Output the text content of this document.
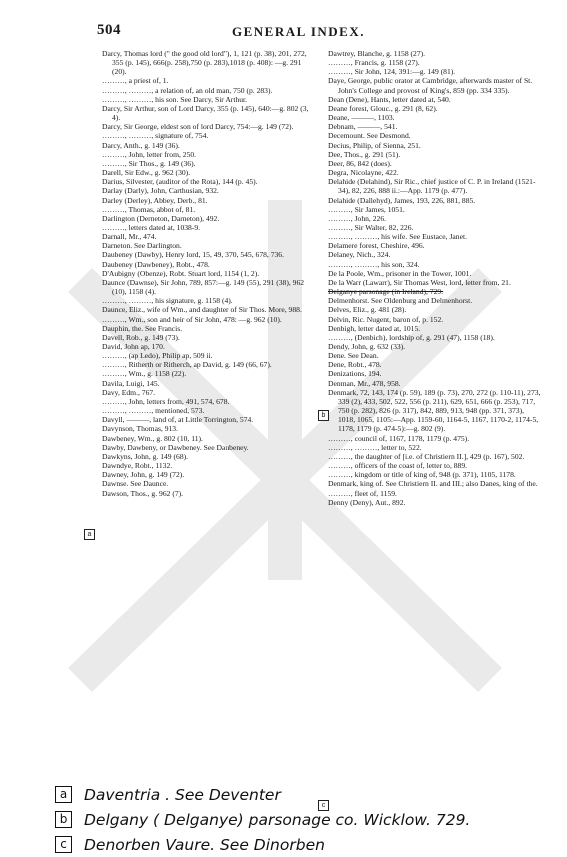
504	GENERAL INDEX.

Darcy, Thomas lord (" the good old lord"), 1, 121 (p. 38), 201, 272, 355 (p. 145), 666(p. 258),750 (p. 283),1018 (p. 408): —g. 291 (20).

………, a priest of, 1.

………, ………, a relation of, an old man, 750 (p. 283).

………, ………, his son. See Darcy, Sir Arthur.

Darcy, Sir Arthur, son of Lord Darcy, 355 (p. 145), 640:—g. 802 (3, 4).

Darcy, Sir George, eldest son of lord Darcy, 754:—g. 149 (72).

………, ………, signature of, 754.

Darcy, Anth., g. 149 (36).

………, John, letter from, 250.

………, Sir Thos., g. 149 (36).

Darell, Sir Edw., g. 962 (30).

Darius, Silvester, (auditor of the Rota), 144 (p. 45).

Darlay (Darly), John, Carthusian, 932.

Darley (Derley), Abbey, Derb., 81.

………, Thomas, abbot of, 81.

Darlington (Derneton, Darneton), 492.

………, letters dated at, 1038-9.

Darnall, Mr., 474.

Darneton. See Darlington.

Daubeney (Dawby), Henry lord, 15, 49, 370, 545, 678, 736.

Daubeney (Dawbeney), Robt., 478.

D'Aubigny (Obenze), Robt. Stuart lord, 1154 (1, 2).

Daunce (Dawnse), Sir John, 789, 857:—g. 149 (55), 291 (38), 962 (10), 1158 (4).

………, ………, his signature, g. 1158 (4).

Daunce, Eliz., wife of Wm., and daughter of Sir Thos. More, 988.

………, Wm., son and heir of Sir John, 478: —g. 962 (10).

Dauphin, the. See Francis.

Davell, Rob., g. 149 (73).

David, John ap, 170.

………, (ap Ledo), Philip ap, 509 ii.

………, Ritherth or Ritherch, ap David, g. 149 (66, 67).

………, Wm., g. 1158 (22).

Davila, Luigi, 145.

Davy, Edm., 767.

………, John, letters from, 491, 574, 678.

………, ………, mentioned, 573.

Davyll, ———, land of, at Little Torrington, 574.

Davynson, Thomas, 913.

Dawbeney, Wm., g. 802 (10, 11).

Dawby, Dawbeny, or Dawbeney. See Daubeney.

Dawkyns, John, g. 149 (68).

Dawndye, Robt., 1132.

Dawney, John, g. 149 (72).

Dawnse. See Daunce.

Dawson, Thos., g. 962 (7).

Dawtrey, Blanche, g. 1158 (27).

………, Francis, g. 1158 (27).

………, Sir John, 124, 391:—g. 149 (81).

Daye, George, public orator at Cambridge, afterwards master of St. John's College and provost of King's, 859 (pp. 334 335).

Dean (Dene), Hants, letter dated at, 540.

Deane forest, Glouc., g. 291 (8, 62).

Deane, ———, 1103.

Debnam, ———, 541.

Decemount. See Desmond.

Decius, Philip, of Sienna, 251.

Dee, Thos., g. 291 (51).

Deer, 86, 842 (does).

Degra, Nicolayne, 422.

Delahide (Delahind), Sir Ric., chief justice of C. P. in Ireland (1521-34), 82, 226, 888 ii.:—App. 1179 (p. 477).

Delahide (Dallehyd), James, 193, 226, 881, 885.

………, Sir James, 1051.

………, John, 226.

………, Sir Walter, 82, 226.

………, ………, his wife. See Eustace, Janet.

Delamere forest, Cheshire, 496.

Delaney, Nich., 324.

………, ………, his son, 324.

De la Poole, Wm., prisoner in the Tower, 1001.

De la Warr (Lawarr), Sir Thomas West, lord, letter from, 21.

Delganye parsonage (in Ireland), 729.

Delmenhorst. See Oldenburg and Delmenhorst.

Delves, Eliz., g. 481 (28).

Delvin, Ric. Nugent, baron of, p. 152.

Denbigh, letter dated at, 1015.

………, (Denbich), lordship of, g. 291 (47), 1158 (18).

Dendy, John, g. 632 (33).

Dene. See Dean.

Dene, Robt., 478.

Denizations, 194.

Denman, Mr., 478, 958.

Denmark, 72, 143, 174 (p. 59), 189 (p. 73), 270, 272 (p. 110-11), 273, 339 (2), 433, 502, 522, 556 (p. 211), 629, 651, 666 (p. 253), 717, 750 (p. 282), 826 (p. 317), 842, 889, 913, 948 (pp. 371, 373), 1018, 1065, 1105:—App. 1159-60, 1164-5, 1167, 1170-2, 1174-5, 1178, 1179 (p. 474-5):—g. 802 (9).

………, council of, 1167, 1178, 1179 (p. 475).

………, ………, letter to, 522.

………, the daughter of [i.e. of Christiern II.], 429 (p. 167), 502.

………, officers of the coast of, letter to, 889.

………, kingdom or title of king of, 948 (p. 371), 1105, 1178.

Denmark, king of. See Christiern II. and III.; also Danes, king of the.

………, fleet of, 1159.

Denny (Deny), Aut., 892.

a	Daventria . See Deventer
b	Delgany ( Delganye) parsonage co. Wicklow. 729.
c	Denorben Vaure. See Dinorben
a
b
c
